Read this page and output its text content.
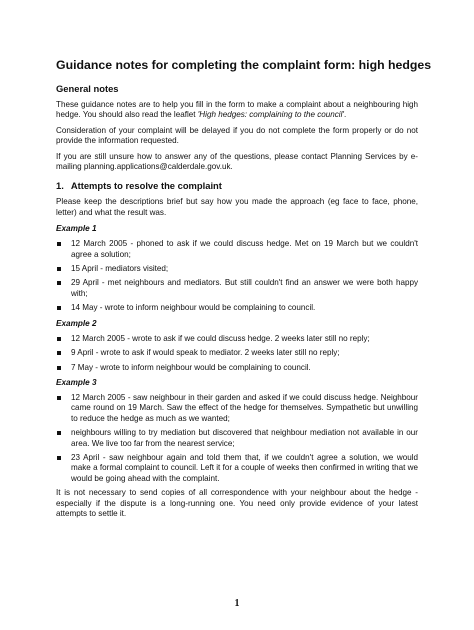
Guidance notes for completing the complaint form: high hedges
General notes

These guidance notes are to help you fill in the form to make a complaint about a neighbouring high hedge. You should also read the leaflet 'High hedges: complaining to the council'.

Consideration of your complaint will be delayed if you do not complete the form properly or do not provide the information requested.

If you are still unsure how to answer any of the questions, please contact Planning Services by e-mailing planning.applications@calderdale.gov.uk.

1. Attempts to resolve the complaint

Please keep the descriptions brief but say how you made the approach (eg face to face, phone, letter) and what the result was.

Example 1
12 March 2005 - phoned to ask if we could discuss hedge. Met on 19 March but we couldn't agree a solution;
15 April - mediators visited;
29 April - met neighbours and mediators. But still couldn't find an answer we were both happy with;
14 May - wrote to inform neighbour would be complaining to council.
Example 2
12 March 2005 - wrote to ask if we could discuss hedge. 2 weeks later still no reply;
9 April - wrote to ask if would speak to mediator. 2 weeks later still no reply;
7 May - wrote to inform neighbour would be complaining to council.
Example 3
12 March 2005 - saw neighbour in their garden and asked if we could discuss hedge. Neighbour came round on 19 March. Saw the effect of the hedge for themselves. Sympathetic but unwilling to reduce the hedge as much as we wanted;
neighbours willing to try mediation but discovered that neighbour mediation not available in our area. We live too far from the nearest service;
23 April - saw neighbour again and told them that, if we couldn't agree a solution, we would make a formal complaint to council. Left it for a couple of weeks then confirmed in writing that we would be going ahead with the complaint.

It is not necessary to send copies of all correspondence with your neighbour about the hedge - especially if the dispute is a long-running one. You need only provide evidence of your latest attempts to settle it.

1
